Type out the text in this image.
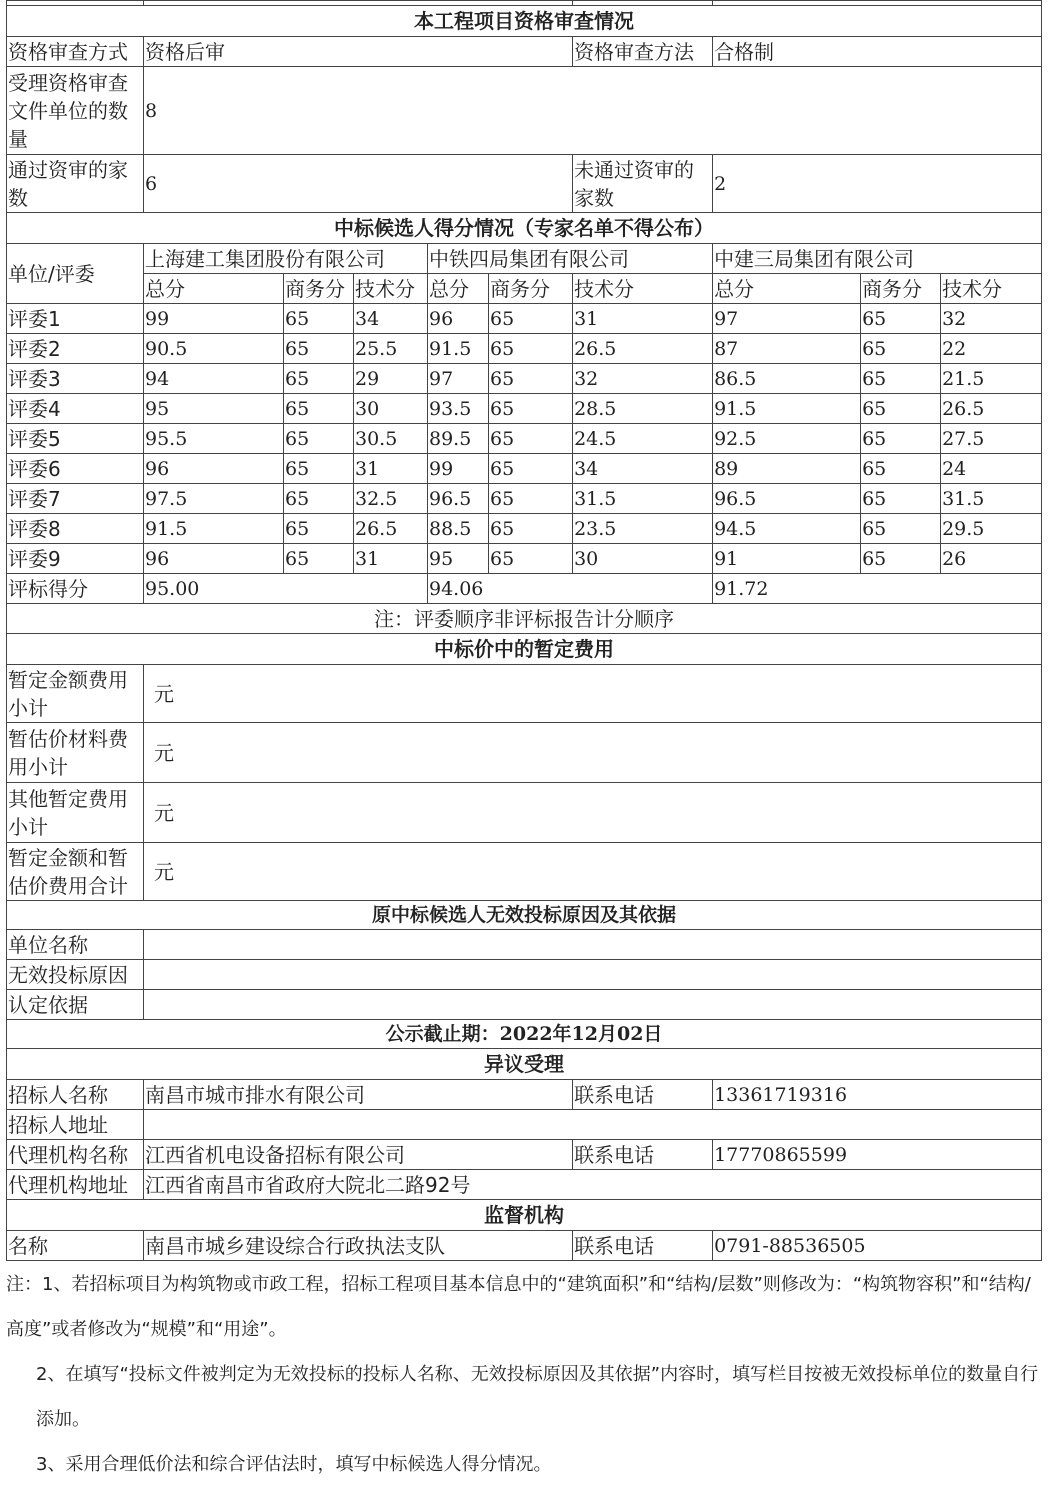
本工程项目资格审查情况									
资格审查方式	资格后审					资格审查方法	合格制		
受理资格审查文件单位的数量	8								
通过资审的家数	6					未通过资审的家数	2		
中标候选人得分情况（专家名单不得公布）									
单位/评委	上海建工集团股份有限公司			中铁四局集团有限公司			中建三局集团有限公司		
	总分	商务分	技术分	总分	商务分	技术分	总分	商务分	技术分
评委1	99	65	34	96	65	31	97	65	32
评委2	90.5	65	25.5	91.5	65	26.5	87	65	22
评委3	94	65	29	97	65	32	86.5	65	21.5
评委4	95	65	30	93.5	65	28.5	91.5	65	26.5
评委5	95.5	65	30.5	89.5	65	24.5	92.5	65	27.5
评委6	96	65	31	99	65	34	89	65	24
评委7	97.5	65	32.5	96.5	65	31.5	96.5	65	31.5
评委8	91.5	65	26.5	88.5	65	23.5	94.5	65	29.5
评委9	96	65	31	95	65	30	91	65	26
评标得分	95.00			94.06			91.72		
注：评委顺序非评标报告计分顺序									
中标价中的暂定费用									
暂定金额费用小计	元								
暂估价材料费用小计	元								
其他暂定费用小计	元								
暂定金额和暂估价费用合计	元								
原中标候选人无效投标原因及其依据									
单位名称									
无效投标原因									
认定依据									
公示截止期：2022年12月02日									
异议受理									
招标人名称	南昌市城市排水有限公司					联系电话	13361719316		
招标人地址									
代理机构名称	江西省机电设备招标有限公司					联系电话	17770865599		
代理机构地址	江西省南昌市省政府大院北二路92号								
监督机构									
名称	南昌市城乡建设综合行政执法支队					联系电话	0791-88536505		

注：1、若招标项目为构筑物或市政工程，招标工程项目基本信息中的“建筑面积”和“结构/层数”则修改为：“构筑物容积”和“结构/高度”或者修改为“规模”和“用途”。

2、在填写“投标文件被判定为无效投标的投标人名称、无效投标原因及其依据”内容时，填写栏目按被无效投标单位的数量自行添加。

3、采用合理低价法和综合评估法时，填写中标候选人得分情况。
